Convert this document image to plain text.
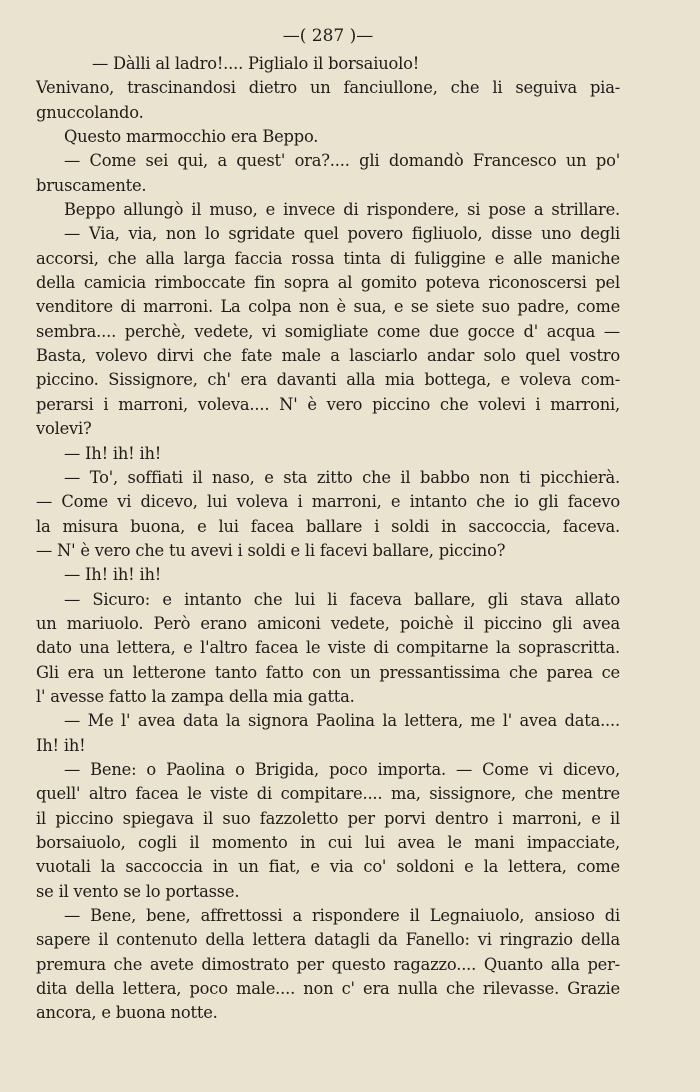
—( 287 )—
— Dàlli al ladro!.... Piglialo il borsaiuolo!
Venivano, trascinandosi dietro un fanciullone, che li seguiva pia-
gnuccolando.
Questo marmocchio era Beppo.
— Come sei qui, a quest' ora?.... gli domandò Francesco un po'
bruscamente.
Beppo allungò il muso, e invece di rispondere, si pose a strillare.
— Via, via, non lo sgridate quel povero figliuolo, disse uno degli
accorsi, che alla larga faccia rossa tinta di fuliggine e alle maniche
della camicia rimboccate fin sopra al gomito poteva riconoscersi pel
venditore di marroni. La colpa non è sua, e se siete suo padre, come
sembra.... perchè, vedete, vi somigliate come due gocce d' acqua —
Basta, volevo dirvi che fate male a lasciarlo andar solo quel vostro
piccino. Sissignore, ch' era davanti alla mia bottega, e voleva com-
perarsi i marroni, voleva.... N' è vero piccino che volevi i marroni,
volevi?
— Ih! ih! ih!
— To', soffiati il naso, e sta zitto che il babbo non ti picchierà.
— Come vi dicevo, lui voleva i marroni, e intanto che io gli facevo
la misura buona, e lui facea ballare i soldi in saccoccia, faceva.
— N' è vero che tu avevi i soldi e li facevi ballare, piccino?
— Ih! ih! ih!
— Sicuro: e intanto che lui li faceva ballare, gli stava allato
un mariuolo. Però erano amiconi vedete, poichè il piccino gli avea
dato una lettera, e l'altro facea le viste di compitarne la soprascritta.
Gli era un letterone tanto fatto con un pressantissima che parea ce
l' avesse fatto la zampa della mia gatta.
— Me l' avea data la signora Paolina la lettera, me l' avea data....
Ih! ih!
— Bene: o Paolina o Brigida, poco importa. — Come vi dicevo,
quell' altro facea le viste di compitare.... ma, sissignore, che mentre
il piccino spiegava il suo fazzoletto per porvi dentro i marroni, e il
borsaiuolo, cogli il momento in cui lui avea le mani impacciate,
vuotali la saccoccia in un fiat, e via co' soldoni e la lettera, come
se il vento se lo portasse.
— Bene, bene, affrettossi a rispondere il Legnaiuolo, ansioso di
sapere il contenuto della lettera datagli da Fanello: vi ringrazio della
premura che avete dimostrato per questo ragazzo.... Quanto alla per-
dita della lettera, poco male.... non c' era nulla che rilevasse. Grazie
ancora, e buona notte.
